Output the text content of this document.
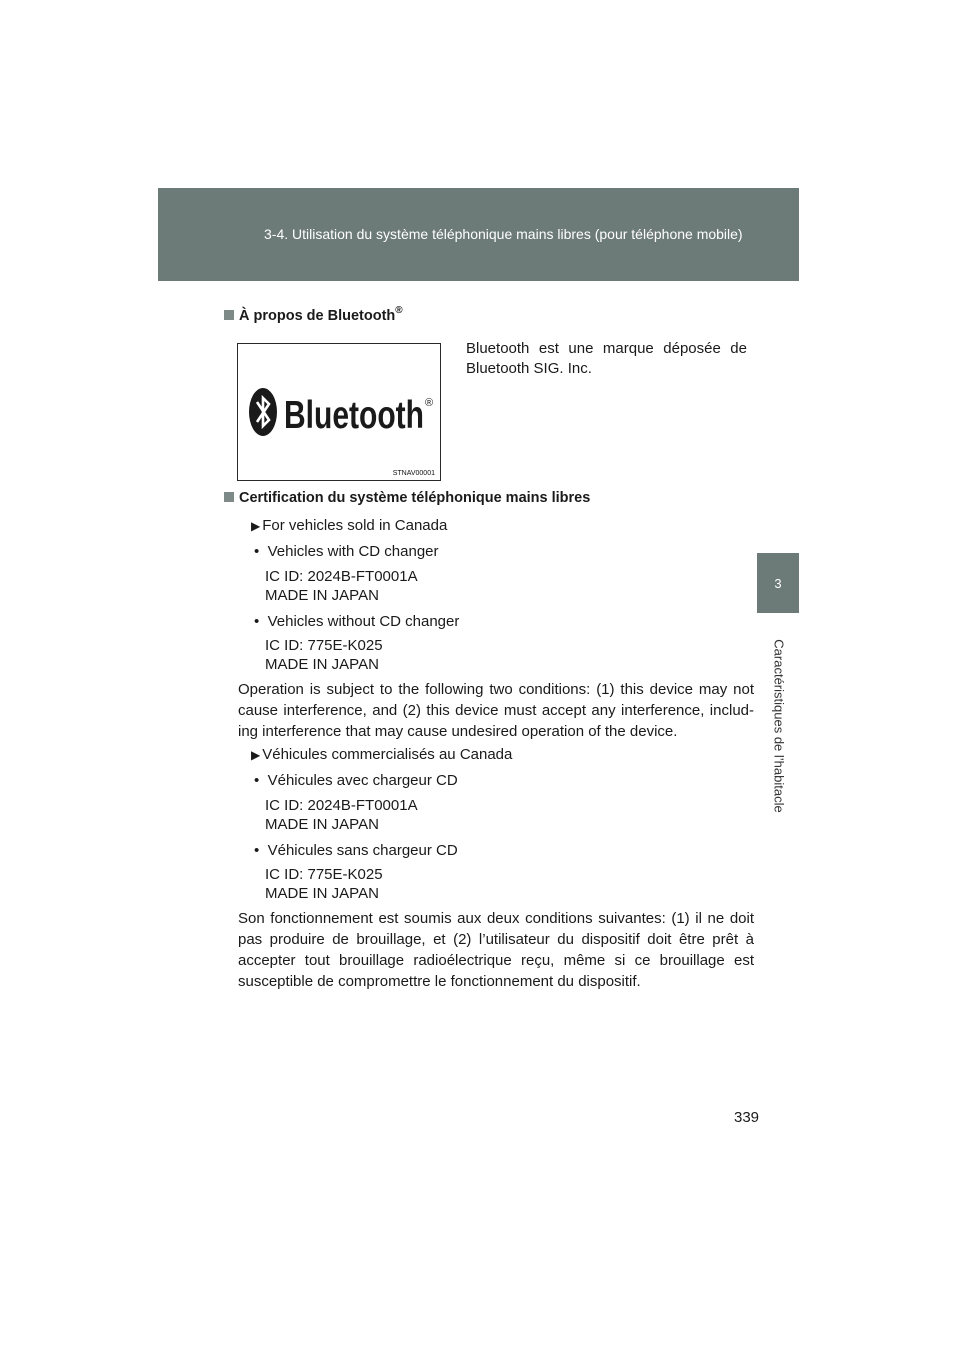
3-4. Utilisation du système téléphonique mains libres (pour téléphone mobile)
3
Caractéristiques de l’habitacle
À propos de Bluetooth ®
Bluetooth ®
STNAV00001
Bluetooth est une marque déposée de Bluetooth SIG. Inc.
Certification du système téléphonique mains libres
▶ For vehicles sold in Canada
•  Vehicles with CD changer
IC ID: 2024B-FT0001A
MADE IN JAPAN
•  Vehicles without CD changer
IC ID: 775E-K025
MADE IN JAPAN
Operation is subject to the following two conditions: (1) this device may not cause interference, and (2) this device must accept any interference, includ-ing interference that may cause undesired operation of the device.
▶ Véhicules commercialisés au Canada
•  Véhicules avec chargeur CD
IC ID: 2024B-FT0001A
MADE IN JAPAN
•  Véhicules sans chargeur CD
IC ID: 775E-K025
MADE IN JAPAN
Son fonctionnement est soumis aux deux conditions suivantes: (1) il ne doit pas produire de brouillage, et (2) l’utilisateur du dispositif doit être prêt à accepter tout brouillage radioélectrique reçu, même si ce brouillage est susceptible de compromettre le fonctionnement du dispositif.
339
